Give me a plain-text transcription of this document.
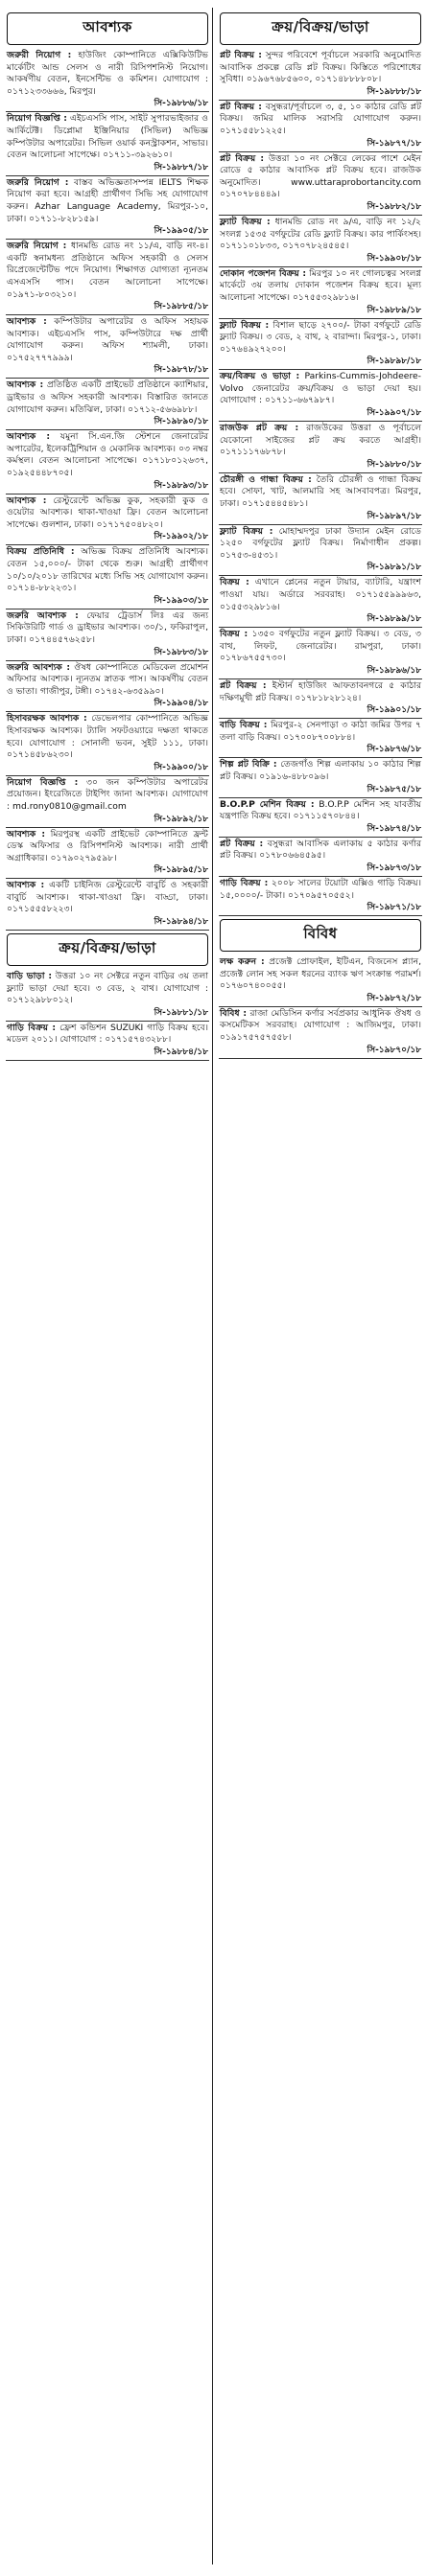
আবশ্যক
জরুরী নিয়োগ : হাউজিং কোম্পানিতে এক্সিকিউটিভ মার্কেটিং আন্ড সেলস ও নারী রিসিপশনিস্ট নিয়োগ। আকর্ষণীয় বেতন, ইনসেন্টিভ ও কমিশন। যোগাযোগ : ০১৭১২৩৩৬৬৬, মিরপুর।
সি-১৯৮৮৬/১৮
নিয়োগ বিজ্ঞপ্তি : এইচএসসি পাস, সাইট সুপারভাইজার ও আর্কিটেক্ট। ডিপ্লোমা ইঞ্জিনিয়ার (সিভিল) অভিজ্ঞ কম্পিউটার অপারেটর। সিভিল ওয়ার্ক কনস্ট্রাকশন, সাভার। বেতন আলোচনা সাপেক্ষে। ০১৭১১-৩৯২৬১০।
সি-১৯৮৮৭/১৮
জরুরি নিয়োগ : বাস্তব অভিজ্ঞতাসম্পন্ন IELTS শিক্ষক নিয়োগ করা হবে। আগ্রহী প্রার্থীগণ সিভি সহ যোগাযোগ করুন। Azhar Language Academy, মিরপুর-১০, ঢাকা। ০১৭১১-৮২৮১৫৯।
সি-১৯৯০৫/১৮
জরুরি নিয়োগ : ধানমন্ডি রোড নং ১১/এ, বাড়ি নং-৪। একটি স্বনামধন্য প্রতিষ্ঠানে অফিস সহকারী ও সেলস রিপ্রেজেন্টেটিভ পদে নিয়োগ। শিক্ষাগত যোগ্যতা ন্যূনতম এসএসসি পাস। বেতন আলোচনা সাপেক্ষে। ০১৯৭১-৮০৩২১০।
সি-১৯৮৮৫/১৮
আবশ্যক : কম্পিউটার অপারেটর ও অফিস সহায়ক আবশ্যক। এইচএসসি পাস, কম্পিউটারে দক্ষ প্রার্থী যোগাযোগ করুন। অফিস শ্যামলী, ঢাকা। ০১৭৫২৭৭৭৯৯৯।
সি-১৯৮৭৮/১৮
আবশ্যক : প্রতিষ্ঠিত একটি প্রাইভেট প্রতিষ্ঠানে ক্যাশিয়ার, ড্রাইভার ও অফিস সহকারী আবশ্যক। বিস্তারিত জানতে যোগাযোগ করুন। মতিঝিল, ঢাকা। ০১৭১২-৫৬৬৯৮৮।
সি-১৯৮৯০/১৮
আবশ্যক : যমুনা সি.এন.জি স্টেশনে জেনারেটর অপারেটর, ইলেকট্রিশিয়ান ও মেকানিক আবশ্যক। ০৩ নম্বর কর্মস্থল। বেতন আলোচনা সাপেক্ষে। ০১৭১৮০১২৬৩৭, ০১৯২৫৪৪৮৭০৫।
সি-১৯৮৯৩/১৮
আবশ্যক : রেস্টুরেন্টে অভিজ্ঞ কুক, সহকারী কুক ও ওয়েটার আবশ্যক। থাকা-খাওয়া ফ্রি। বেতন আলোচনা সাপেক্ষে। গুলশান, ঢাকা। ০১৭১৭৫০৪৮২০।
সি-১৯৯০২/১৮
বিক্রয় প্রতিনিধি : অভিজ্ঞ বিক্রয় প্রতিনিধি আবশ্যক। বেতন ১৫,০০০/- টাকা থেকে শুরু। আগ্রহী প্রার্থীগণ ১০/১০/২০১৮ তারিখের মধ্যে সিভি সহ যোগাযোগ করুন। ০১৭১৪-৮৮২২৩১।
সি-১৯৯০৩/১৮
জরুরি আবশ্যক : ফেয়ার ট্রেডার্স লিঃ এর জন্য সিকিউরিটি গার্ড ও ড্রাইভার আবশ্যক। ৩০/১, ফকিরাপুল, ঢাকা। ০১৭৪৪৫৭৬২৫৮।
সি-১৯৮৮৩/১৮
জরুরি আবশ্যক : ঔষধ কোম্পানিতে মেডিকেল প্রমোশন অফিসার আবশ্যক। ন্যূনতম স্নাতক পাস। আকর্ষণীয় বেতন ও ভাতা। গাজীপুর, টঙ্গী। ০১৭৪২-৬৩৫৯৯০।
সি-১৯৯০৪/১৮
হিসাবরক্ষক আবশ্যক : ডেভেলপার কোম্পানিতে অভিজ্ঞ হিসাবরক্ষক আবশ্যক। ট্যালি সফটওয়্যারে দক্ষতা থাকতে হবে। যোগাযোগ : সোনালী ভবন, সুইট ১১১, ঢাকা। ০১৭১৪৫৮৬২৩০।
সি-১৯৯০০/১৮
নিয়োগ বিজ্ঞপ্তি : ৩০ জন কম্পিউটার অপারেটর প্রয়োজন। ইংরেজিতে টাইপিং জানা আবশ্যক। যোগাযোগ : md.rony0810@gmail.com
সি-১৯৮৯২/১৮
আবশ্যক : মিরপুরস্থ একটি প্রাইভেট কোম্পানিতে ফ্রন্ট ডেস্ক অফিসার ও রিসিপশনিস্ট আবশ্যক। নারী প্রার্থী অগ্রাধিকার। ০১৭৯০২৭৯৫৯৮।
সি-১৯৮৯৫/১৮
আবশ্যক : একটি চাইনিজ রেস্টুরেন্টে বাবুর্চি ও সহকারী বাবুর্চি আবশ্যক। থাকা-খাওয়া ফ্রি। বাড্ডা, ঢাকা। ০১৭১৫৫৫৮২২৩।
সি-১৯৮৯৪/১৮
ক্রয়/বিক্রয়/ভাড়া
বাড়ি ভাড়া : উত্তরা ১০ নং সেক্টরে নতুন বাড়ির ৩য় তলা ফ্ল্যাট ভাড়া দেয়া হবে। ৩ বেড, ২ বাথ। যোগাযোগ : ০১৭১২৯৮৮০১২।
সি-১৯৮৮১/১৮
গাড়ি বিক্রয় : ফ্রেশ কন্ডিশন SUZUKI গাড়ি বিক্রয় হবে। মডেল ২০১১। যোগাযোগ : ০১৭১৫৭৪৩২৮৮।
সি-১৯৮৮৪/১৮
ক্রয়/বিক্রয়/ভাড়া
প্লট বিক্রয় : সুন্দর পরিবেশে পূর্বাচলে সরকারি অনুমোদিত আবাসিক প্রকল্পে রেডি প্লট বিক্রয়। কিস্তিতে পরিশোধের সুবিধা। ০১৯৬৭৬৮৫৬০০, ০১৭১৪৮৮৮৮০৮।
সি-১৯৮৮৮/১৮
প্লট বিক্রয় : বসুন্ধরা/পূর্বাচলে ৩, ৫, ১০ কাঠার রেডি প্লট বিক্রয়। জমির মালিক সরাসরি যোগাযোগ করুন। ০১৭১৫৫৮১২২৫।
সি-১৯৮৭৭/১৮
প্লট বিক্রয় : উত্তরা ১০ নং সেক্টরে লেকের পাশে মেইন রোডে ৫ কাঠার আবাসিক প্লট বিক্রয় হবে। রাজউক অনুমোদিত। www.uttaraprobortancity.com ০১৭০৭৮৪৪৪৯।
সি-১৯৮৮২/১৮
ফ্ল্যাট বিক্রয় : ধানমন্ডি রোড নং ৯/এ, বাড়ি নং ১২/২ সংলগ্ন ১৫৩৫ বর্গফুটের রেডি ফ্ল্যাট বিক্রয়। কার পার্কিংসহ। ০১৭১১০১৮৩৩, ০১৭০৭৮২৪৫৪৫।
সি-১৯৯০৮/১৮
দোকান পজেশন বিক্রয় : মিরপুর ১০ নং গোলচত্বর সংলগ্ন মার্কেটে ৩য় তলায় দোকান পজেশন বিক্রয় হবে। মূল্য আলোচনা সাপেক্ষে। ০১৭৫৫৩২৯৮১৬।
সি-১৯৮৮৯/১৮
ফ্ল্যাট বিক্রয় : বিশাল ছাড়ে ২৭০০/- টাকা বর্গফুটে রেডি ফ্ল্যাট বিক্রয়। ৩ বেড, ২ বাথ, ২ বারান্দা। মিরপুর-১, ঢাকা। ০১৭৬৪৯২৭২০০।
সি-১৯৮৯৮/১৮
ক্রয়/বিক্রয় ও ভাড়া : Parkins-Cummis-Johdeere-Volvo জেনারেটর ক্রয়/বিক্রয় ও ভাড়া দেয়া হয়। যোগাযোগ : ০১৭১১-৬৬৭৯৮৭।
সি-১৯৯০৭/১৮
রাজউক প্লট ক্রয় : রাজউকের উত্তরা ও পূর্বাচলে যেকোনো সাইজের প্লট ক্রয় করতে আগ্রহী। ০১৭১১১৭৬৮৭৮।
সি-১৯৮৮০/১৮
চৌরঙ্গী ও গান্ধা বিক্রয় : তৈরি চৌরঙ্গী ও গান্ধা বিক্রয় হবে। সোফা, খাট, আলমারি সহ আসবাবপত্র। মিরপুর, ঢাকা। ০১৭১৫৪৪৫৪৮১।
সি-১৯৮৯৭/১৮
ফ্ল্যাট বিক্রয় : মোহাম্মদপুর ঢাকা উদ্যান মেইন রোডে ১২৫০ বর্গফুটের ফ্ল্যাট বিক্রয়। নির্মাণাধীন প্রকল্প। ০১৭৫৩-৪৫৩১।
সি-১৯৮৯১/১৮
বিক্রয় : এখানে প্লেনের নতুন টায়ার, ব্যাটারি, যন্ত্রাংশ পাওয়া যায়। অর্ডারে সরবরাহ। ০১৭১৫৫৯৯৯৬৩, ০১৫৫৩২৯৮১৬।
সি-১৯৮৯৯/১৮
বিক্রয় : ১৩৫০ বর্গফুটের নতুন ফ্ল্যাট বিক্রয়। ৩ বেড, ৩ বাথ, লিফট, জেনারেটর। রামপুরা, ঢাকা। ০১৭৮৬৭৫৫৭৩০।
সি-১৯৮৯৬/১৮
প্লট বিক্রয় : ইস্টার্ন হাউজিং আফতাবনগরে ৫ কাঠার দক্ষিণমুখী প্লট বিক্রয়। ০১৭৮১৮২৮১২৪।
সি-১৯৯০১/১৮
বাড়ি বিক্রয় : মিরপুর-২ সেনপাড়া ৩ কাঠা জমির উপর ৭ তলা বাড়ি বিক্রয়। ০১৭০০৮৭০০৮৮৪।
সি-১৯৮৭৬/১৮
শিল্প প্লট বিক্রি : তেজগাঁও শিল্প এলাকায় ১০ কাঠার শিল্প প্লট বিক্রয়। ০১৯১৬-৪৮৮০৯৬।
সি-১৯৮৭৫/১৮
B.O.P.P মেশিন বিক্রয় : B.O.P.P মেশিন সহ যাবতীয় যন্ত্রপাতি বিক্রয় হবে। ০১৭১১৫৭০৮৪৪।
সি-১৯৮৭৪/১৮
প্লট বিক্রয় : বসুন্ধরা আবাসিক এলাকায় ৫ কাঠার কর্ণার প্লট বিক্রয়। ০১৭৮০৬৬৪৫৯৫।
সি-১৯৮৭৩/১৮
গাড়ি বিক্রয় : ২০০৮ সালের টয়োটা এক্সিও গাড়ি বিক্রয়। ১৫,০০০০/- টাকা। ০১৭০৯৫৭০৫৫২।
সি-১৯৮৭১/১৮
বিবিধ
লক্ষ করুন : প্রজেক্ট প্রোফাইল, ইটিএন, বিজনেস প্ল্যান, প্রজেক্ট লোন সহ সকল ধরনের ব্যাংক ঋণ সংক্রান্ত পরামর্শ। ০১৭৬০৭৪০০৫৫।
সি-১৯৮৭২/১৮
বিবিধ : রাজা মেডিসিন কর্ণার সর্বপ্রকার আধুনিক ঔষধ ও কসমেটিকস সরবরাহ। যোগাযোগ : আজিমপুর, ঢাকা। ০১৯১৭৫৭৫৭৫৫৮।
সি-১৯৮৭০/১৮
